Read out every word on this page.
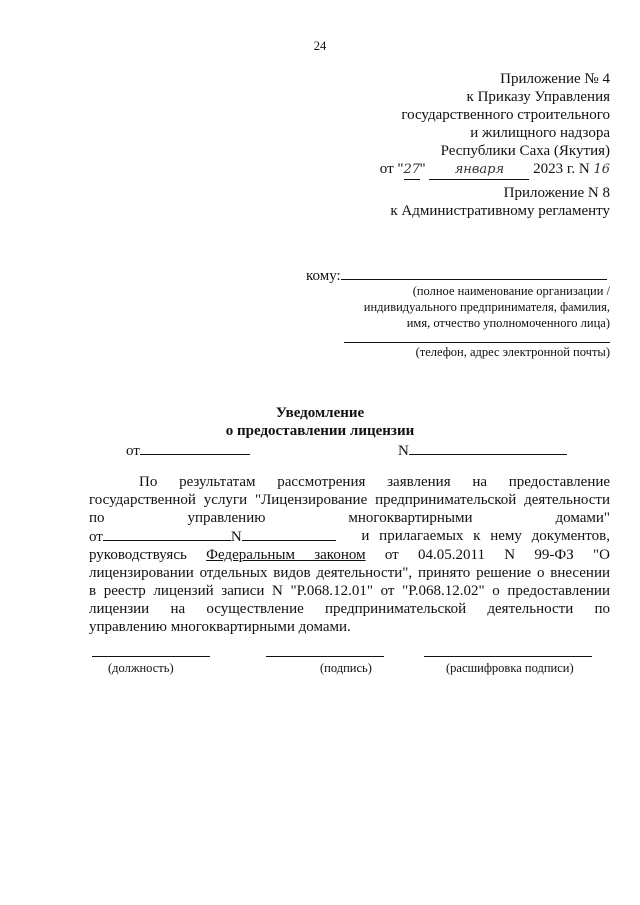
24
Приложение № 4
к Приказу Управления
государственного строительного
и жилищного надзора
Республики Саха (Якутия)
от "27" января 2023 г. N 16
Приложение N 8
к Административному регламенту
кому:
(полное наименование организации /
индивидуального предпринимателя, фамилия,
имя, отчество уполномоченного лица)
(телефон, адрес электронной почты)
Уведомление
о предоставлении лицензии
от	N
По результатам рассмотрения заявления на предоставление
государственной услуги "Лицензирование предпринимательской деятельности
по	управлению	многоквартирными	домами"
от	N	и прилагаемых к нему документов,
руководствуясь Федеральным законом от 04.05.2011 N 99-ФЗ "О
лицензировании отдельных видов деятельности", принято решение о внесении
в реестр лицензий записи N "Р.068.12.01" от "Р.068.12.02" о предоставлении
лицензии на осуществление предпринимательской деятельности по
управлению многоквартирными домами.
(должность)	(подпись)	(расшифровка подписи)
